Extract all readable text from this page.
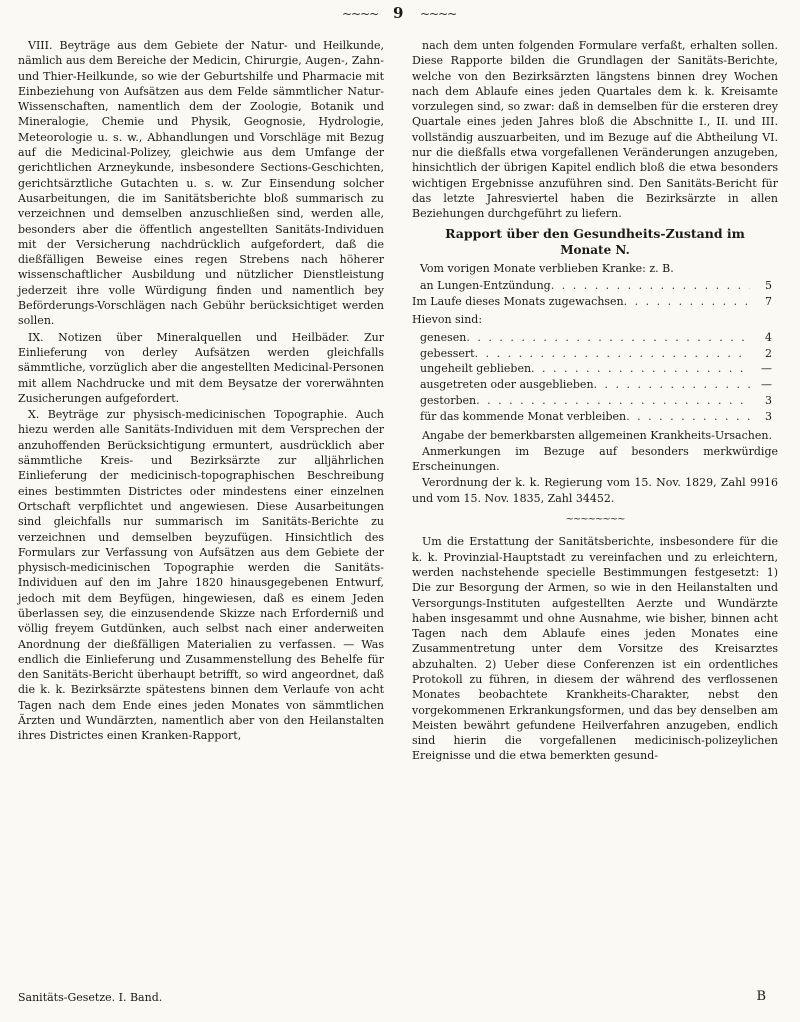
~~~~ 9 ~~~~

VIII. Beyträge aus dem Gebiete der Natur- und Heilkunde, nämlich aus dem Bereiche der Medicin, Chirurgie, Augen-, Zahn- und Thier-Heilkunde, so wie der Geburtshilfe und Pharmacie mit Einbeziehung von Aufsätzen aus dem Felde sämmtlicher Natur-Wissenschaften, namentlich dem der Zoologie, Botanik und Mineralogie, Chemie und Physik, Geognosie, Hydrologie, Meteorologie u. s. w., Abhandlungen und Vorschläge mit Bezug auf die Medicinal-Polizey, gleichwie aus dem Umfange der gerichtlichen Arzneykunde, insbesondere Sections-Geschichten, gerichtsärztliche Gutachten u. s. w. Zur Einsendung solcher Ausarbeitungen, die im Sanitätsberichte bloß summarisch zu verzeichnen und demselben anzuschließen sind, werden alle, besonders aber die öffentlich angestellten Sanitäts-Individuen mit der Versicherung nachdrücklich aufgefordert, daß die dießfälligen Beweise eines regen Strebens nach höherer wissenschaftlicher Ausbildung und nützlicher Dienstleistung jederzeit ihre volle Würdigung finden und namentlich bey Beförderungs-Vorschlägen nach Gebühr berücksichtiget werden sollen.

IX. Notizen über Mineralquellen und Heilbäder. Zur Einlieferung von derley Aufsätzen werden gleichfalls sämmtliche, vorzüglich aber die angestellten Medicinal-Personen mit allem Nachdrucke und mit dem Beysatze der vorerwähnten Zusicherungen aufgefordert.

X. Beyträge zur physisch-medicinischen Topographie. Auch hiezu werden alle Sanitäts-Individuen mit dem Versprechen der anzuhoffenden Berücksichtigung ermuntert, ausdrücklich aber sämmtliche Kreis- und Bezirksärzte zur alljährlichen Einlieferung der medicinisch-topographischen Beschreibung eines bestimmten Districtes oder mindestens einer einzelnen Ortschaft verpflichtet und angewiesen. Diese Ausarbeitungen sind gleichfalls nur summarisch im Sanitäts-Berichte zu verzeichnen und demselben beyzufügen. Hinsichtlich des Formulars zur Verfassung von Aufsätzen aus dem Gebiete der physisch-medicinischen Topographie werden die Sanitäts-Individuen auf den im Jahre 1820 hinausgegebenen Entwurf, jedoch mit dem Beyfügen, hingewiesen, daß es einem Jeden überlassen sey, die einzusendende Skizze nach Erforderniß und völlig freyem Gutdünken, auch selbst nach einer anderweiten Anordnung der dießfälligen Materialien zu verfassen. — Was endlich die Einlieferung und Zusammenstellung des Behelfe für den Sanitäts-Bericht überhaupt betrifft, so wird angeordnet, daß die k. k. Bezirksärzte spätestens binnen dem Verlaufe von acht Tagen nach dem Ende eines jeden Monates von sämmtlichen Ärzten und Wundärzten, namentlich aber von den Heilanstalten ihres Districtes einen Kranken-Rapport,

nach dem unten folgenden Formulare verfaßt, erhalten sollen. Diese Rapporte bilden die Grundlagen der Sanitäts-Berichte, welche von den Bezirksärzten längstens binnen drey Wochen nach dem Ablaufe eines jeden Quartales dem k. k. Kreisamte vorzulegen sind, so zwar: daß in demselben für die ersteren drey Quartale eines jeden Jahres bloß die Abschnitte I., II. und III. vollständig auszuarbeiten, und im Bezuge auf die Abtheilung VI. nur die dießfalls etwa vorgefallenen Veränderungen anzugeben, hinsichtlich der übrigen Kapitel endlich bloß die etwa besonders wichtigen Ergebnisse anzuführen sind. Den Sanitäts-Bericht für das letzte Jahresviertel haben die Bezirksärzte in allen Beziehungen durchgeführt zu liefern.

Rapport über den Gesundheits-Zustand im
Monate N.
Vom vorigen Monate verblieben Kranke: z. B.
an Lungen-Entzündung . . .	5
Im Laufe dieses Monats zugewachsen . . .	7
Hievon sind:
genesen . . .	4
gebessert . . .	2
ungeheilt geblieben . . .	—
ausgetreten oder ausgeblieben . . .	—
gestorben . . .	3
für das kommende Monat verbleiben . . .	3

Angabe der bemerkbarsten allgemeinen Krankheits-Ursachen.

Anmerkungen im Bezuge auf besonders merkwürdige Erscheinungen.

Verordnung der k. k. Regierung vom 15. Nov. 1829, Zahl 9916 und vom 15. Nov. 1835, Zahl 34452.

~~~~~~~~

Um die Erstattung der Sanitätsberichte, insbesondere für die k. k. Provinzial-Hauptstadt zu vereinfachen und zu erleichtern, werden nachstehende specielle Bestimmungen festgesetzt: 1) Die zur Besorgung der Armen, so wie in den Heilanstalten und Versorgungs-Instituten aufgestellten Aerzte und Wundärzte haben insgesammt und ohne Ausnahme, wie bisher, binnen acht Tagen nach dem Ablaufe eines jeden Monates eine Zusammentretung unter dem Vorsitze des Kreisarztes abzuhalten. 2) Ueber diese Conferenzen ist ein ordentliches Protokoll zu führen, in diesem der während des verflossenen Monates beobachtete Krankheits-Charakter, nebst den vorgekommenen Erkrankungsformen, und das bey denselben am Meisten bewährt gefundene Heilverfahren anzugeben, endlich sind hierin die vorgefallenen medicinisch-polizeylichen Ereignisse und die etwa bemerkten gesund-

Sanitäts-Gesetze. I. Band.	B
